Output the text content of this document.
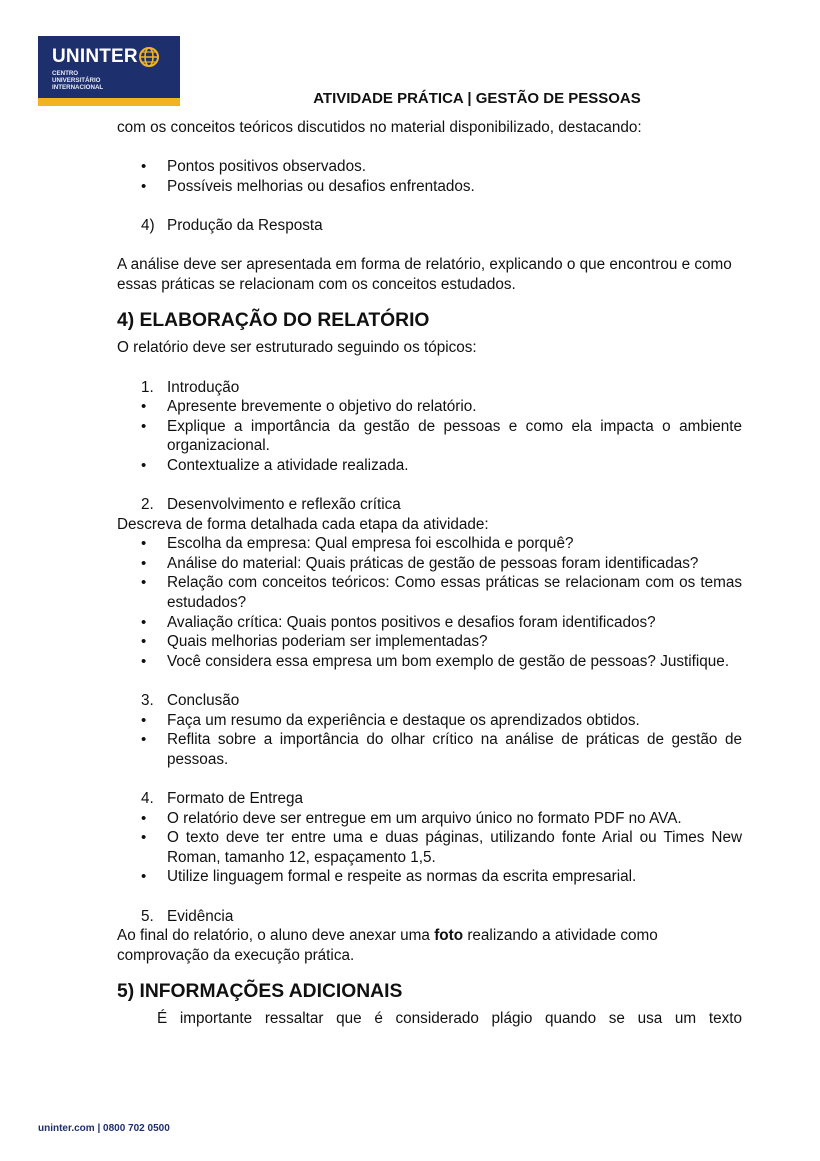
UNINTER
CENTRO
UNIVERSITÁRIO
INTERNACIONAL
ATIVIDADE PRÁTICA | GESTÃO DE PESSOAS

com os conceitos teóricos discutidos no material disponibilizado, destacando:

• Pontos positivos observados.
• Possíveis melhorias ou desafios enfrentados.
4) Produção da Resposta

A análise deve ser apresentada em forma de relatório, explicando o que encontrou e como essas práticas se relacionam com os conceitos estudados.

4) ELABORAÇÃO DO RELATÓRIO

O relatório deve ser estruturado seguindo os tópicos:

1. Introdução
• Apresente brevemente o objetivo do relatório.
• Explique a importância da gestão de pessoas e como ela impacta o ambiente organizacional.
• Contextualize a atividade realizada.
2. Desenvolvimento e reflexão crítica

Descreva de forma detalhada cada etapa da atividade:

• Escolha da empresa: Qual empresa foi escolhida e porquê?
• Análise do material: Quais práticas de gestão de pessoas foram identificadas?
• Relação com conceitos teóricos: Como essas práticas se relacionam com os temas estudados?
• Avaliação crítica: Quais pontos positivos e desafios foram identificados?
• Quais melhorias poderiam ser implementadas?
• Você considera essa empresa um bom exemplo de gestão de pessoas? Justifique.
3. Conclusão
• Faça um resumo da experiência e destaque os aprendizados obtidos.
• Reflita sobre a importância do olhar crítico na análise de práticas de gestão de pessoas.
4. Formato de Entrega
• O relatório deve ser entregue em um arquivo único no formato PDF no AVA.
• O texto deve ter entre uma e duas páginas, utilizando fonte Arial ou Times New Roman, tamanho 12, espaçamento 1,5.
• Utilize linguagem formal e respeite as normas da escrita empresarial.
5. Evidência

Ao final do relatório, o aluno deve anexar uma foto realizando a atividade como comprovação da execução prática.

5) INFORMAÇÕES ADICIONAIS

É importante ressaltar que é considerado plágio quando se usa um texto

uninter.com | 0800 702 0500
